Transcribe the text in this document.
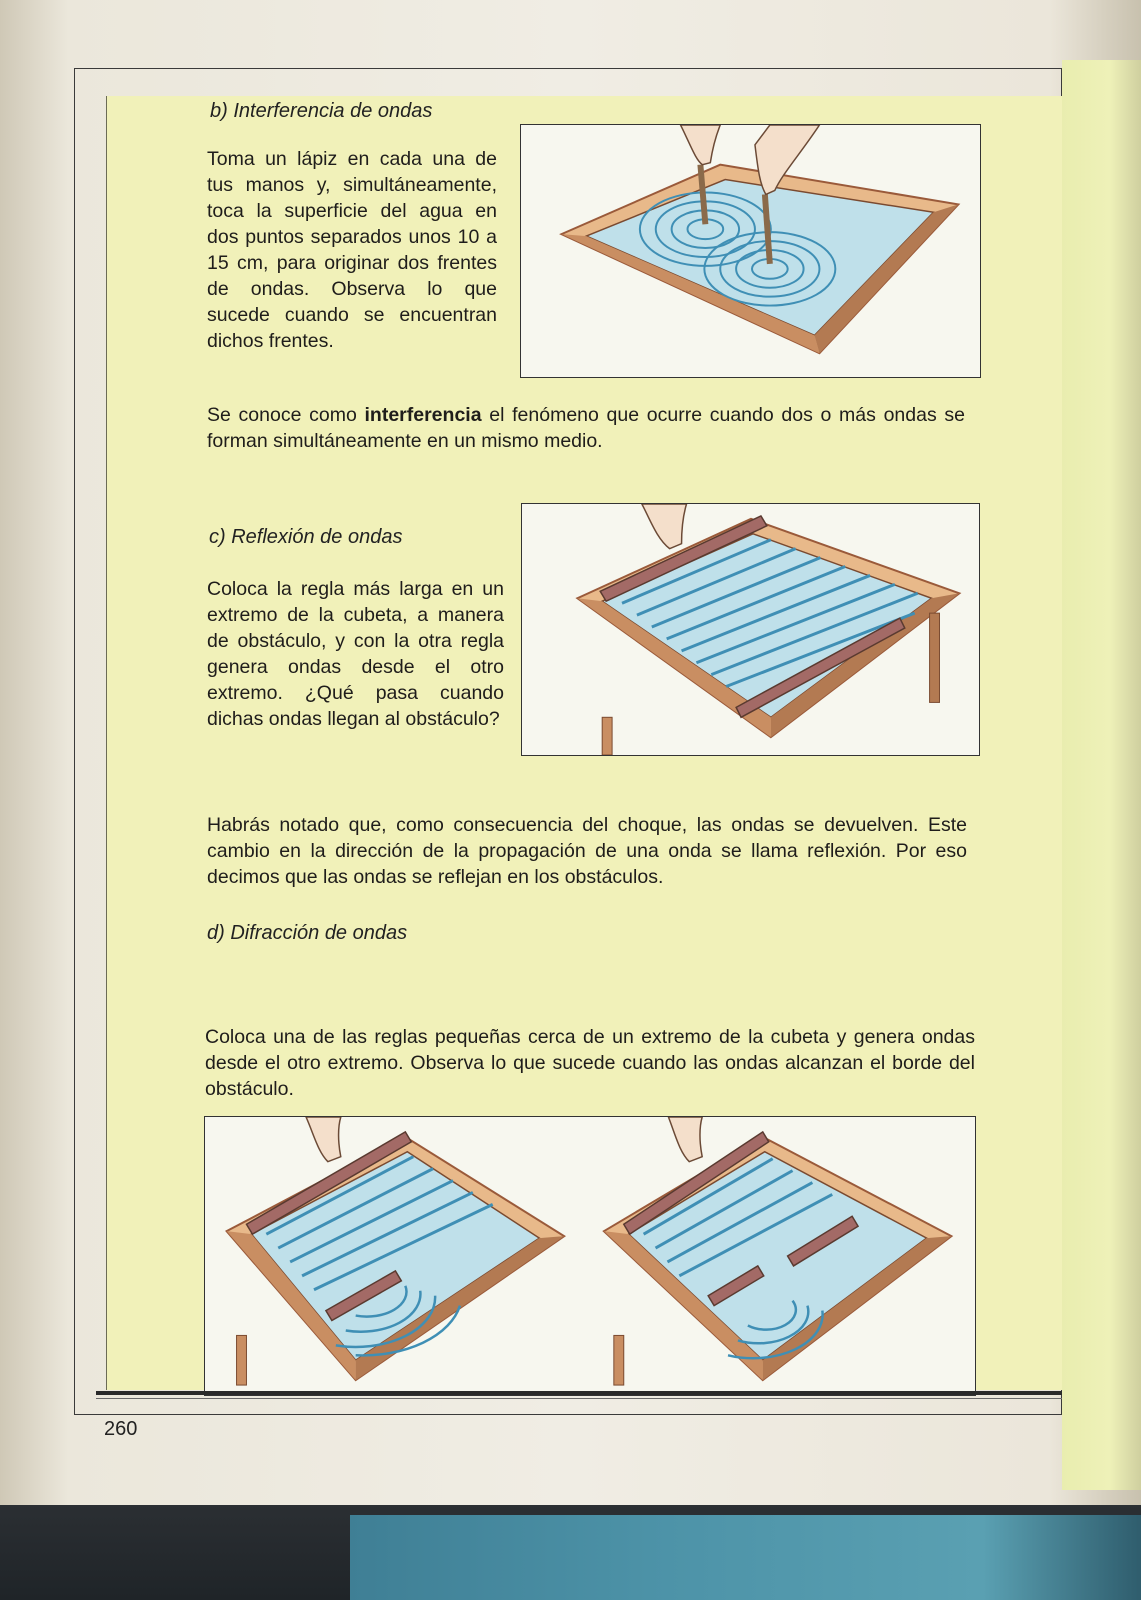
b) Interferencia de ondas

Toma un lápiz en cada una de tus manos y, simultáneamente, toca la superficie del agua en dos puntos separados unos 10 a 15 cm, para originar dos frentes de ondas. Observa lo que sucede cuando se encuentran dichos frentes.

Se conoce como interferencia el fenómeno que ocurre cuando dos o más ondas se forman simultáneamente en un mismo medio.

c) Reflexión de ondas

Coloca la regla más larga en un extremo de la cubeta, a manera de obstáculo, y con la otra regla genera ondas desde el otro extremo. ¿Qué pasa cuando dichas ondas llegan al obstáculo?

Habrás notado que, como consecuencia del choque, las ondas se devuelven. Este cambio en la dirección de la propagación de una onda se llama reflexión. Por eso decimos que las ondas se reflejan en los obstáculos.

d) Difracción de ondas

Coloca una de las reglas pequeñas cerca de un extremo de la cubeta y genera ondas desde el otro extremo. Observa lo que sucede cuando las ondas alcanzan el borde del obstáculo.

260
